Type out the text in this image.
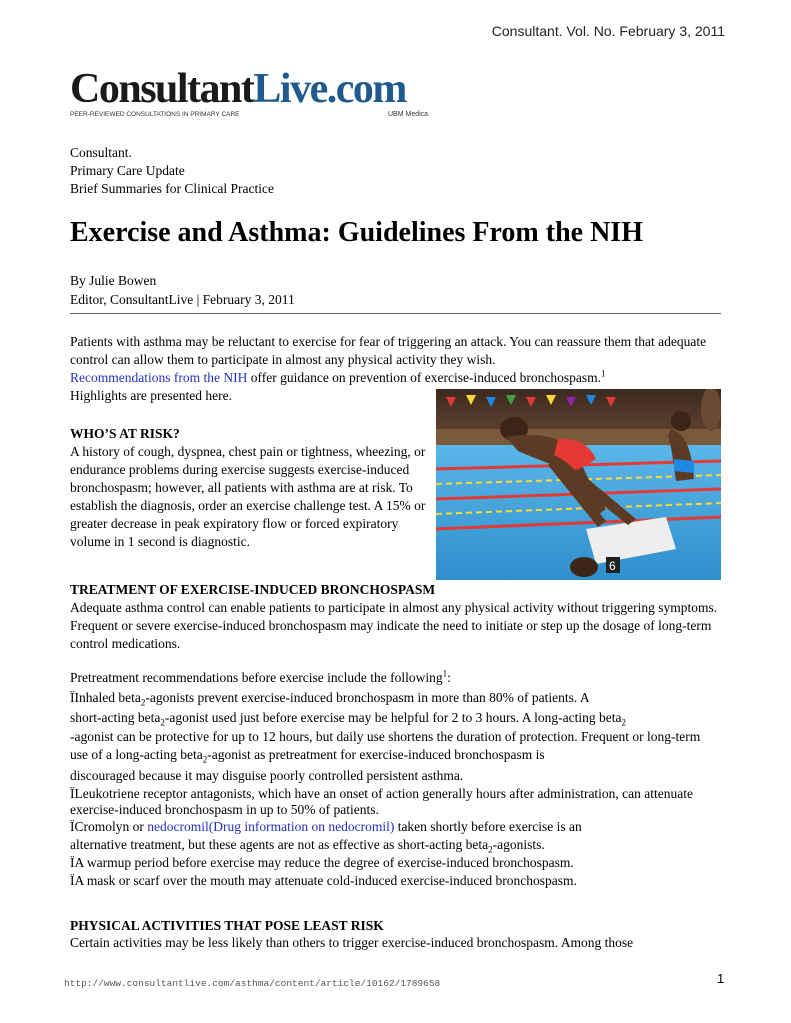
Consultant. Vol. No. February 3, 2011
ConsultantLive.com
PEER-REVIEWED CONSULTATIONS IN PRIMARY CARE	UBM Medica
Consultant.
Primary Care Update
Brief Summaries for Clinical Practice
Exercise and Asthma: Guidelines From the NIH
By Julie Bowen
Editor, ConsultantLive | February 3, 2011
Patients with asthma may be reluctant to exercise for fear of triggering an attack. You can reassure them that adequate control can allow them to participate in almost any physical activity they wish.
Recommendations from the NIH offer guidance on prevention of exercise-induced bronchospasm.$^1$
Highlights are presented here.
6
WHO’S AT RISK?
A history of cough, dyspnea, chest pain or tightness, wheezing, or endurance problems during exercise suggests exercise-induced bronchospasm; however, all patients with asthma are at risk. To establish the diagnosis, order an exercise challenge test. A 15% or greater decrease in peak expiratory flow or forced expiratory volume in 1 second is diagnostic.
TREATMENT OF EXERCISE-INDUCED BRONCHOSPASM
Adequate asthma control can enable patients to participate in almost any physical activity without triggering symptoms. Frequent or severe exercise-induced bronchospasm may indicate the need to initiate or step up the dosage of long-term control medications.
Pretreatment recommendations before exercise include the following$^1$:
ÏInhaled beta$_2$-agonists prevent exercise-induced bronchospasm in more than 80% of patients. A
short-acting beta$_2$-agonist used just before exercise may be helpful for 2 to 3 hours. A long-acting beta$_2$
-agonist can be protective for up to 12 hours, but daily use shortens the duration of protection. Frequent or long-term use of a long-acting beta$_2$-agonist as pretreatment for exercise-induced bronchospasm is
discouraged because it may disguise poorly controlled persistent asthma.
ÏLeukotriene receptor antagonists, which have an onset of action generally hours after administration, can attenuate exercise-induced bronchospasm in up to 50% of patients.
ÏCromolyn or nedocromil(Drug information on nedocromil) taken shortly before exercise is an
alternative treatment, but these agents are not as effective as short-acting beta$_2$-agonists.
ÏA warmup period before exercise may reduce the degree of exercise-induced bronchospasm.
ÏA mask or scarf over the mouth may attenuate cold-induced exercise-induced bronchospasm.
PHYSICAL ACTIVITIES THAT POSE LEAST RISK
Certain activities may be less likely than others to trigger exercise-induced bronchospasm. Among those
http://www.consultantlive.com/asthma/content/article/10162/1789658	1
